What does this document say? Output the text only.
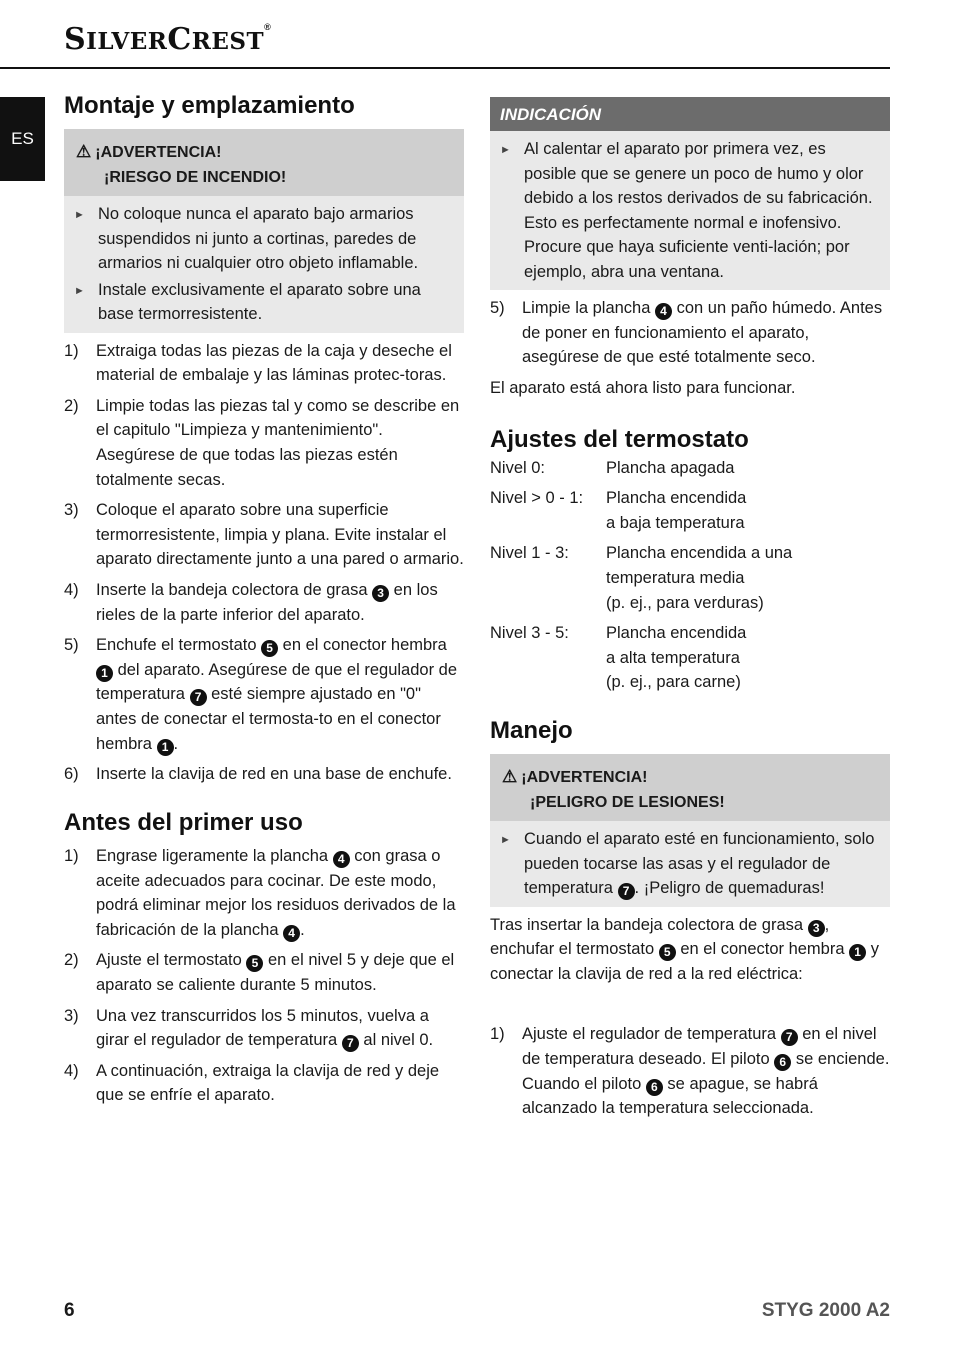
SILVERCREST®
ES
Montaje y emplazamiento
⚠ ¡ADVERTENCIA!
¡RIESGO DE INCENDIO!
► No coloque nunca el aparato bajo armarios suspendidos ni junto a cortinas, paredes de armarios ni cualquier otro objeto inflamable.
► Instale exclusivamente el aparato sobre una base termorresistente.
1)	Extraiga todas las piezas de la caja y deseche el material de embalaje y las láminas protec-toras.
2)	Limpie todas las piezas tal y como se describe en el capitulo "Limpieza y mantenimiento". Asegúrese de que todas las piezas estén totalmente secas.
3)	Coloque el aparato sobre una superficie termorresistente, limpia y plana. Evite instalar el aparato directamente junto a una pared o armario.
4)	Inserte la bandeja colectora de grasa 3 en los rieles de la parte inferior del aparato.
5)	Enchufe el termostato 5 en el conector hembra 1 del aparato. Asegúrese de que el regulador de temperatura 7 esté siempre ajustado en "0" antes de conectar el termosta-to en el conector hembra 1 .
6)	Inserte la clavija de red en una base de enchufe.
Antes del primer uso
1)	Engrase ligeramente la plancha 4 con grasa o aceite adecuados para cocinar. De este modo, podrá eliminar mejor los residuos derivados de la fabricación de la plancha 4 .
2)	Ajuste el termostato 5 en el nivel 5 y deje que el aparato se caliente durante 5 minutos.
3)	Una vez transcurridos los 5 minutos, vuelva a girar el regulador de temperatura 7 al nivel 0.
4)	A continuación, extraiga la clavija de red y deje que se enfríe el aparato.
INDICACIÓN
► Al calentar el aparato por primera vez, es posible que se genere un poco de humo y olor debido a los restos derivados de su fabricación. Esto es perfectamente normal e inofensivo. Procure que haya suficiente venti-lación; por ejemplo, abra una ventana.
5)	Limpie la plancha 4 con un paño húmedo. Antes de poner en funcionamiento el aparato, asegúrese de que esté totalmente seco.
El aparato está ahora listo para funcionar.
Ajustes del termostato
Nivel 0:	Plancha apagada
Nivel > 0 - 1:	Plancha encendida
a baja temperatura
Nivel 1 - 3:	Plancha encendida a una
temperatura media
(p. ej., para verduras)
Nivel 3 - 5:	Plancha encendida
a alta temperatura
(p. ej., para carne)
Manejo
⚠ ¡ADVERTENCIA!
¡PELIGRO DE LESIONES!
► Cuando el aparato esté en funcionamiento, solo pueden tocarse las asas y el regulador de temperatura 7 . ¡Peligro de quemaduras!
Tras insertar la bandeja colectora de grasa 3 , enchufar el termostato 5 en el conector hembra 1 y conectar la clavija de red a la red eléctrica:
1)	Ajuste el regulador de temperatura 7 en el nivel de temperatura deseado. El piloto 6 se enciende. Cuando el piloto 6 se apague, se habrá alcanzado la temperatura seleccionada.
6	STYG 2000 A2
